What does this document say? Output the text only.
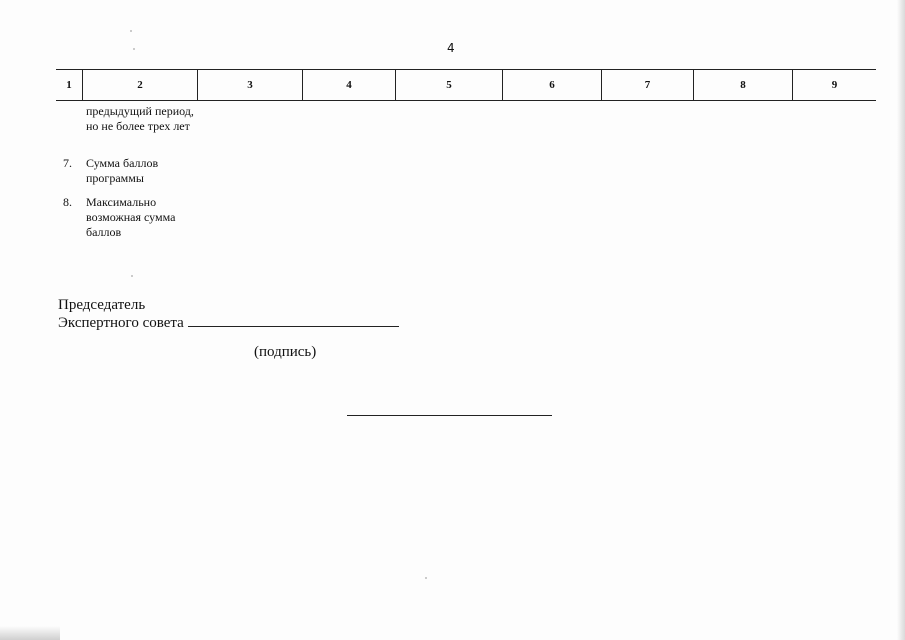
4
1	2	3	4	5	6	7	8	9
предыдущий период,
но не более трех лет
7.	Сумма баллов
программы
8.	Максимально
возможная сумма
баллов
Председатель
Экспертного совета
(подпись)
